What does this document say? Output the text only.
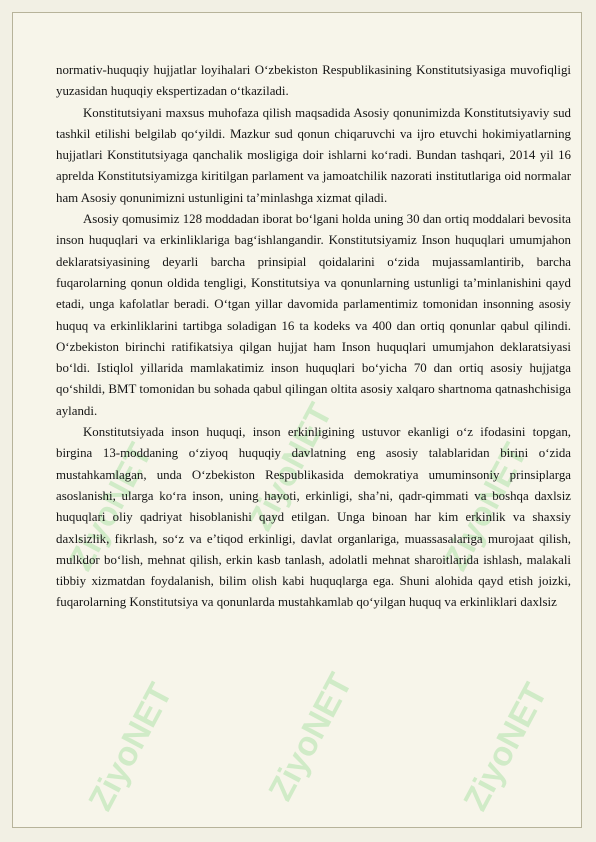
ZiyoNET ZiyoNET	ZiyoNET
ZiyoNET ZiyoNET	ZiyoNET

normativ-huquqiy hujjatlar loyihalari O‘zbekiston Respublikasining Konstitutsiyasiga muvofiqligi yuzasidan huquqiy ekspertizadan o‘tkaziladi.

Konstitutsiyani maxsus muhofaza qilish maqsadida Asosiy qonunimizda Konstitutsiyaviy sud tashkil etilishi belgilab qo‘yildi. Mazkur sud qonun chiqaruvchi va ijro etuvchi hokimiyatlarning hujjatlari Konstitutsiyaga qanchalik mosligiga doir ishlarni ko‘radi. Bundan tashqari, 2014 yil 16 aprelda Konstitutsiyamizga kiritilgan parlament va jamoatchilik nazorati institutlariga oid normalar ham Asosiy qonunimizni ustunligini ta’minlashga xizmat qiladi.

Asosiy qomusimiz 128 moddadan iborat bo‘lgani holda uning 30 dan ortiq moddalari bevosita inson huquqlari va erkinliklariga bag‘ishlangandir. Konstitutsiyamiz Inson huquqlari umumjahon deklaratsiyasining deyarli barcha prinsipial qoidalarini o‘zida mujassamlantirib, barcha fuqarolarning qonun oldida tengligi, Konstitutsiya va qonunlarning ustunligi ta’minlanishini qayd etadi, unga kafolatlar beradi. O‘tgan yillar davomida parlamentimiz tomonidan insonning asosiy huquq va erkinliklarini tartibga soladigan 16 ta kodeks va 400 dan ortiq qonunlar qabul qilindi. O‘zbekiston birinchi ratifikatsiya qilgan hujjat ham Inson huquqlari umumjahon deklaratsiyasi bo‘ldi. Istiqlol yillarida mamlakatimiz inson huquqlari bo‘yicha 70 dan ortiq asosiy hujjatga qo‘shildi, BMT tomonidan bu sohada qabul qilingan oltita asosiy xalqaro shartnoma qatnashchisiga aylandi.

Konstitutsiyada inson huquqi, inson erkinligining ustuvor ekanligi o‘z ifodasini topgan, birgina 13-moddaning o‘ziyoq huquqiy davlatning eng asosiy talablaridan birini o‘zida mustahkamlagan, unda O‘zbekiston Respublikasida demokratiya umuminsoniy prinsiplarga asoslanishi, ularga ko‘ra inson, uning hayoti, erkinligi, sha’ni, qadr-qimmati va boshqa daxlsiz huquqlari oliy qadriyat hisoblanishi qayd etilgan. Unga binoan har kim erkinlik va shaxsiy daxlsizlik, fikrlash, so‘z va e’tiqod erkinligi, davlat organlariga, muassasalariga murojaat qilish, mulkdor bo‘lish, mehnat qilish, erkin kasb tanlash, adolatli mehnat sharoitlarida ishlash, malakali tibbiy xizmatdan foydalanish, bilim olish kabi huquqlarga ega. Shuni alohida qayd etish joizki, fuqarolarning Konstitutsiya va qonunlarda mustahkamlab qo‘yilgan huquq va erkinliklari daxlsiz
